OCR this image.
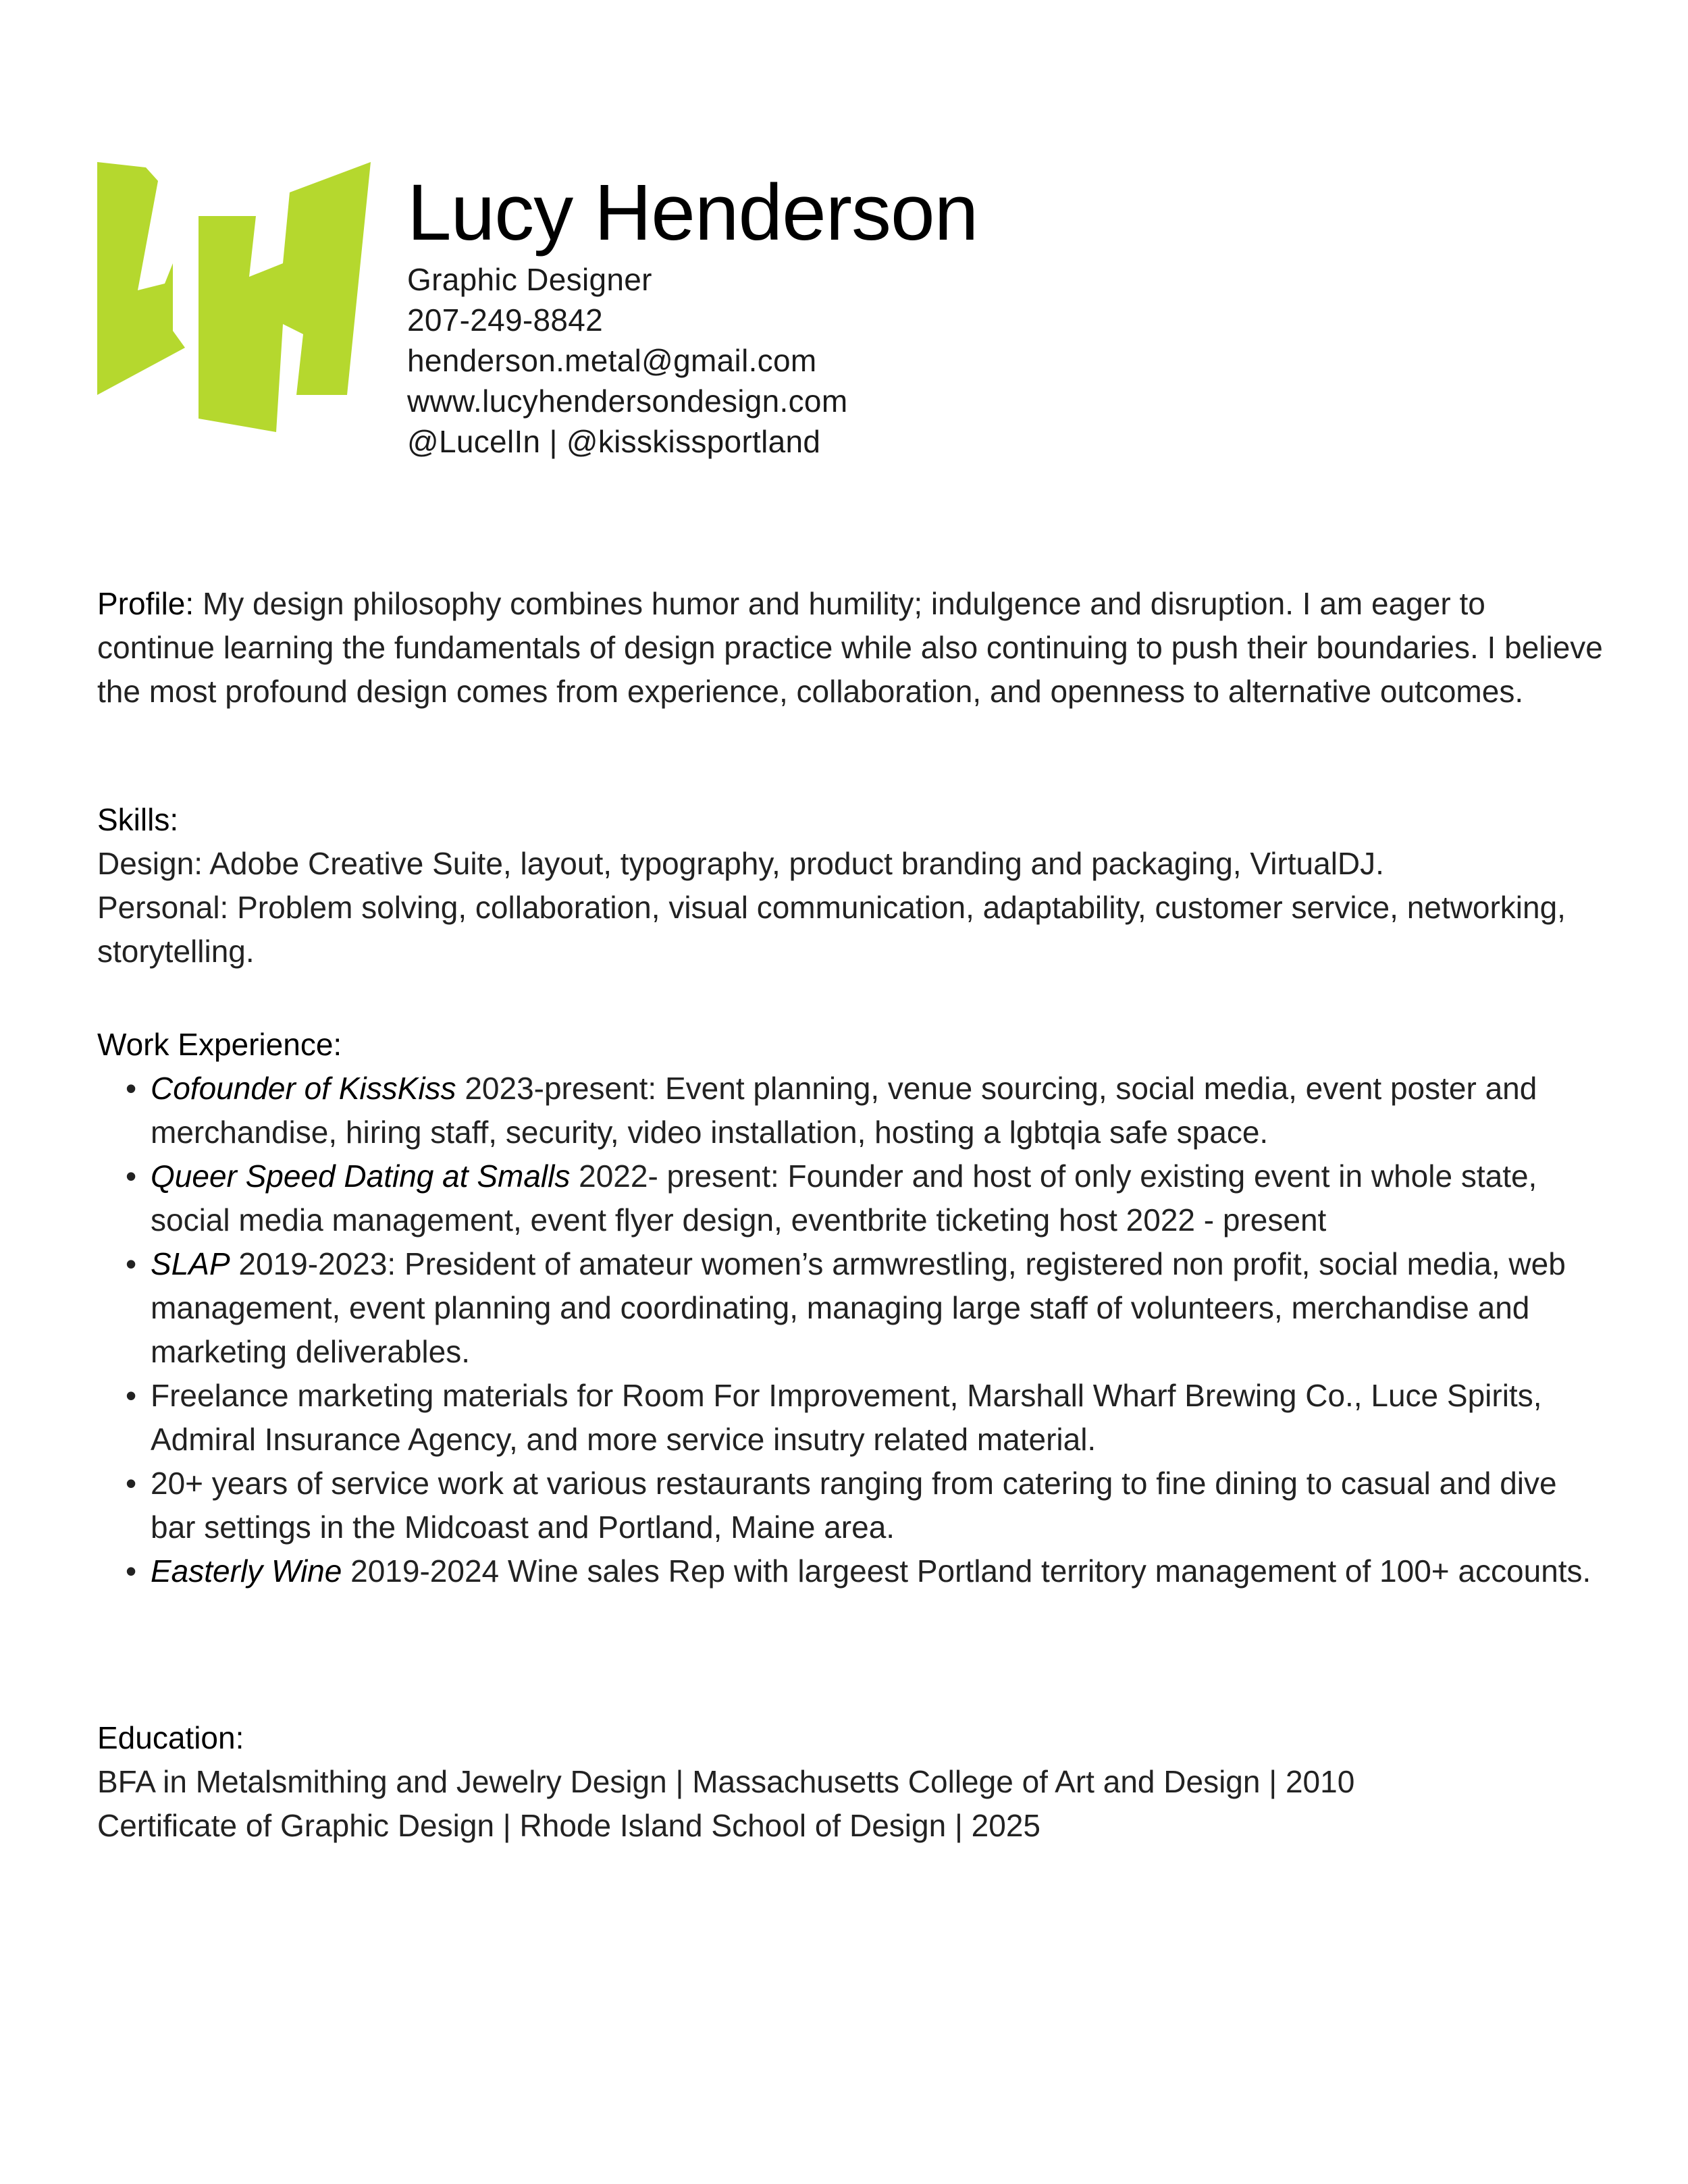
Lucy Henderson
Graphic Designer
207-249-8842
henderson.metal@gmail.com
www.lucyhendersondesign.com
@LucelIn | @kisskissportland
Profile: My design philosophy combines humor and humility; indulgence and disruption. I am eager to continue learning the fundamentals of design practice while also continuing to push their boundaries. I believe the most profound design comes from experience, collaboration, and openness to alternative outcomes.
Skills:
Design: Adobe Creative Suite, layout, typography, product branding and packaging, VirtualDJ.
Personal: Problem solving, collaboration, visual communication, adaptability, customer service, networking, storytelling.
Work Experience:
• Cofounder of KissKiss 2023-present: Event planning, venue sourcing, social media, event poster and merchandise, hiring staff, security, video installation, hosting a lgbtqia safe space.
• Queer Speed Dating at Smalls 2022- present: Founder and host of only existing event in whole state, social media management, event flyer design, eventbrite ticketing host 2022 - present
• SLAP 2019-2023: President of amateur women’s armwrestling, registered non profit, social media, web management, event planning and coordinating, managing large staff of volunteers, merchandise and marketing deliverables.
• Freelance marketing materials for Room For Improvement, Marshall Wharf Brewing Co., Luce Spirits, Admiral Insurance Agency, and more service insutry related material.
• 20+ years of service work at various restaurants ranging from catering to fine dining to casual and dive bar settings in the Midcoast and Portland, Maine area.
• Easterly Wine 2019-2024 Wine sales Rep with largeest Portland territory management of 100+ accounts.
Education:
BFA in Metalsmithing and Jewelry Design | Massachusetts College of Art and Design | 2010
Certificate of Graphic Design | Rhode Island School of Design | 2025
